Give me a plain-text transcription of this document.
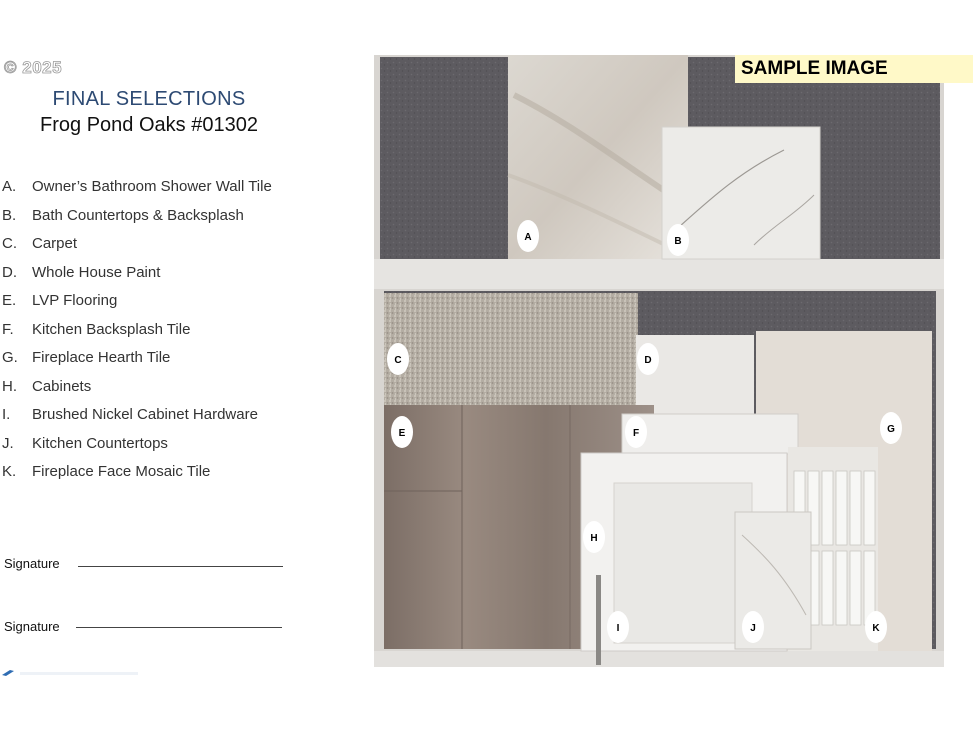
© 2025
FINAL SELECTIONS
Frog Pond Oaks #01302
A.	Owner’s Bathroom Shower Wall Tile
B.	Bath Countertops & Backsplash
C.	Carpet
D.	Whole House Paint
E.	LVP Flooring
F.	Kitchen Backsplash Tile
G. Fireplace Hearth Tile
H.	Cabinets
I.	Brushed Nickel Cabinet Hardware
J.	Kitchen Countertops
K.	Fireplace Face Mosaic Tile
Signature
Signature
A	B
C	D
E	F	G
H
I	J	K
SAMPLE IMAGE
